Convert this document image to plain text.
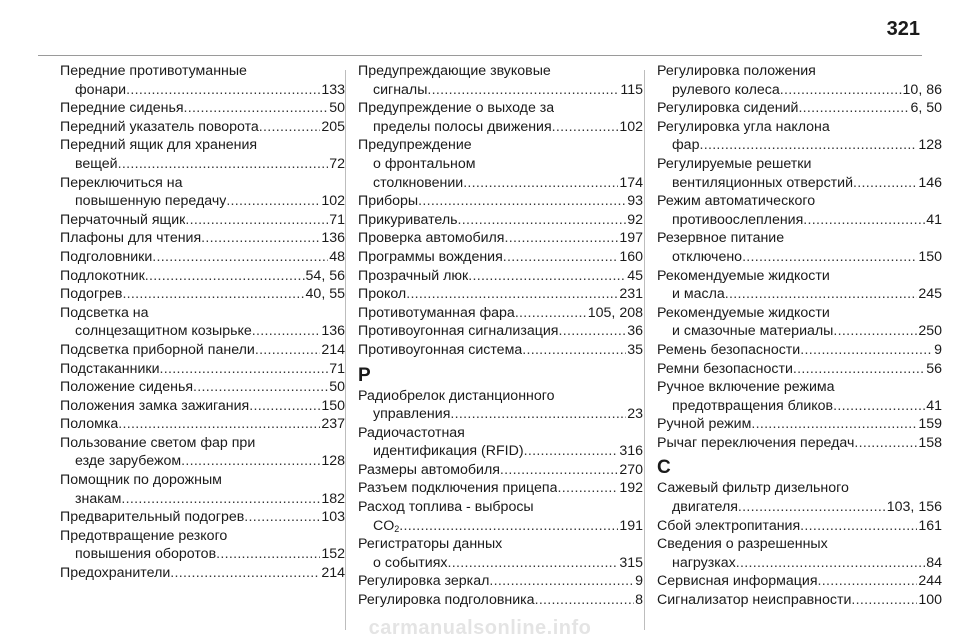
321
Передние противотуманные
фонари .....	133
Передние сиденья .....	50
Передний указатель поворота .....	205
Передний ящик для хранения
вещей .....	72
Переключиться на
повышенную передачу .....	102
Перчаточный ящик .....	71
Плафоны для чтения .....	136
Подголовники .....	48
Подлокотник .....	54, 56
Подогрев .....	40, 55
Подсветка на
солнцезащитном козырьке .....	136
Подсветка приборной панели .....	214
Подстаканники .....	71
Положение сиденья .....	50
Положения замка зажигания .....	150
Поломка .....	237
Пользование светом фар при
езде зарубежом .....	128
Помощник по дорожным
знакам .....	182
Предварительный подогрев .....	103
Предотвращение резкого
повышения оборотов .....	152
Предохранители .....	214
Предупреждающие звуковые
сигналы .....	115
Предупреждение о выходе за
пределы полосы движения .....	102
Предупреждение
о фронтальном
столкновении .....	174
Приборы .....	93
Прикуриватель .....	92
Проверка автомобиля .....	197
Программы вождения .....	160
Прозрачный люк .....	45
Прокол .....	231
Противотуманная фара .....	105, 208
Противоугонная сигнализация .....	36
Противоугонная система .....	35
Р
Радиобрелок дистанционного
управления .....	23
Радиочастотная
идентификация (RFID) .....	316
Размеры автомобиля .....	270
Разъем подключения прицепа .....	192
Расход топлива - выбросы
$CO_2$ .....	191
Регистраторы данных
о событиях .....	315
Регулировка зеркал .....	9
Регулировка подголовника .....	8
Регулировка положения
рулевого колеса .....	10, 86
Регулировка сидений .....	6, 50
Регулировка угла наклона
фар .....	128
Регулируемые решетки
вентиляционных отверстий .....	146
Режим автоматического
противоослепления .....	41
Резервное питание
отключено .....	150
Рекомендуемые жидкости
и масла .....	245
Рекомендуемые жидкости
и смазочные материалы .....	250
Ремень безопасности .....	9
Ремни безопасности .....	56
Ручное включение режима
предотвращения бликов .....	41
Ручной режим .....	159
Рычаг переключения передач .....	158
С
Сажевый фильтр дизельного
двигателя .....	103, 156
Сбой электропитания .....	161
Сведения о разрешенных
нагрузках .....	84
Сервисная информация .....	244
Сигнализатор неисправности .....	100
carmanualsonline.info
